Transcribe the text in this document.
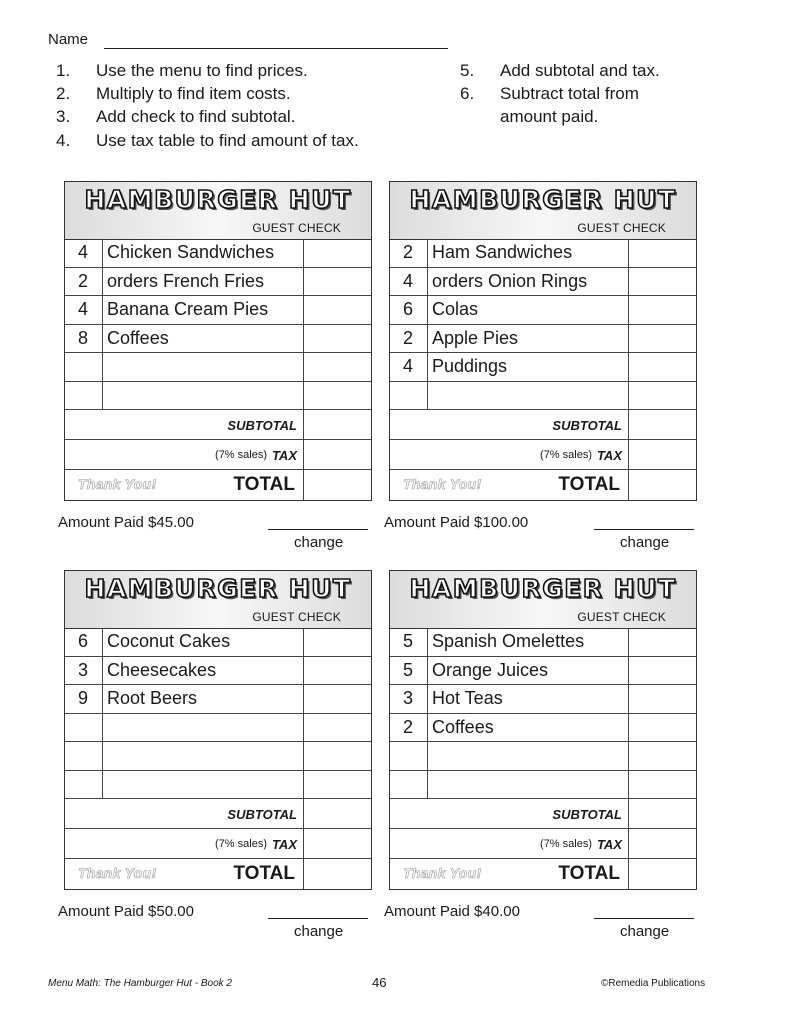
Name
1.	Use the menu to find prices.
2.	Multiply to find item costs.
3.	Add check to find subtotal.
4.	Use tax table to find amount of tax.
5.	Add subtotal and tax.
6.	Subtract total from
amount paid.
HAMBURGER HUT
GUEST CHECK
4	Chicken Sandwiches
2	orders French Fries
4	Banana Cream Pies
8	Coffees
SUBTOTAL
(7% sales) TAX
Thank You!	TOTAL
Amount Paid $45.00
change
HAMBURGER HUT
GUEST CHECK
2	Ham Sandwiches
4	orders Onion Rings
6	Colas
2	Apple Pies
4	Puddings
SUBTOTAL
(7% sales) TAX
Thank You!	TOTAL
Amount Paid $100.00
change
HAMBURGER HUT
GUEST CHECK
6	Coconut Cakes
3	Cheesecakes
9	Root Beers
SUBTOTAL
(7% sales) TAX
Thank You!	TOTAL
Amount Paid $50.00
change
HAMBURGER HUT
GUEST CHECK
5	Spanish Omelettes
5	Orange Juices
3	Hot Teas
2	Coffees
SUBTOTAL
(7% sales) TAX
Thank You!	TOTAL
Amount Paid $40.00
change
Menu Math: The Hamburger Hut - Book 2	46	©Remedia Publications
